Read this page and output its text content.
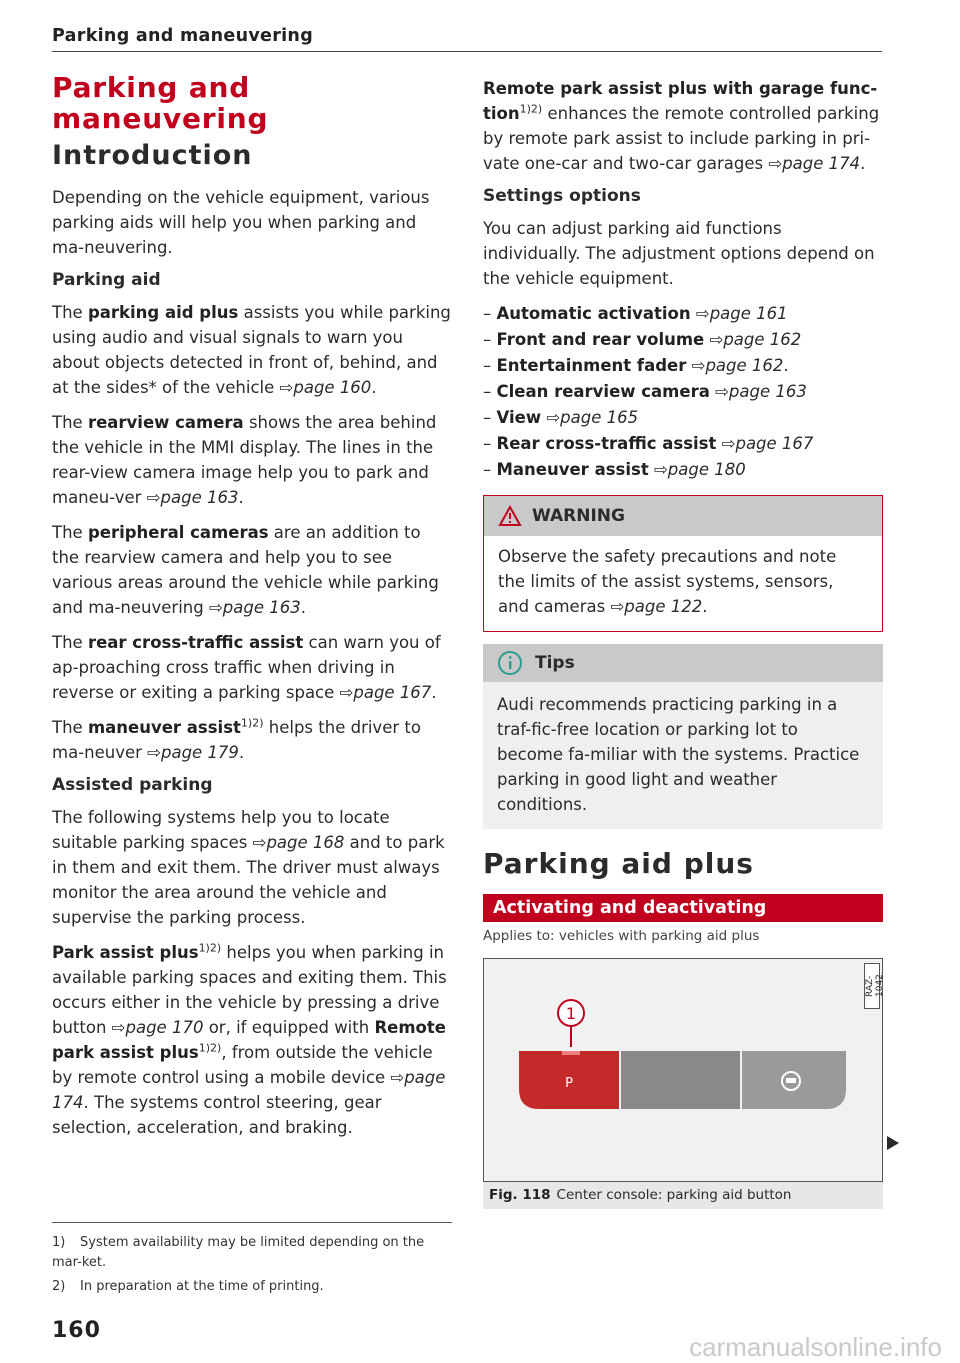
Parking and maneuvering
Parking and maneuvering
Introduction

Depending on the vehicle equipment, various parking aids will help you when parking and ma-neuvering.

Parking aid

The parking aid plus assists you while parking using audio and visual signals to warn you about objects detected in front of, behind, and at the sides* of the vehicle ⇨page 160.

The rearview camera shows the area behind the vehicle in the MMI display. The lines in the rear-view camera image help you to park and maneu-ver ⇨page 163.

The peripheral cameras are an addition to the rearview camera and help you to see various areas around the vehicle while parking and ma-neuvering ⇨page 163.

The rear cross-traffic assist can warn you of ap-proaching cross traffic when driving in reverse or exiting a parking space ⇨page 167.

The maneuver assist$^{1)2)}$ helps the driver to ma-neuver ⇨page 179.

Assisted parking

The following systems help you to locate suitable parking spaces ⇨page 168 and to park in them and exit them. The driver must always monitor the area around the vehicle and supervise the parking process.

Park assist plus$^{1)2)}$ helps you when parking in available parking spaces and exiting them. This occurs either in the vehicle by pressing a drive button ⇨page 170 or, if equipped with Remote park assist plus$^{1)2)}$, from outside the vehicle by remote control using a mobile device ⇨page 174. The systems control steering, gear selection, acceleration, and braking.

Remote park assist plus with garage func-tion$^{1)2)}$ enhances the remote controlled parking by remote park assist to include parking in pri-vate one-car and two-car garages ⇨page 174.

Settings options

You can adjust parking aid functions individually. The adjustment options depend on the vehicle equipment.

– Automatic activation ⇨page 161
– Front and rear volume ⇨page 162
– Entertainment fader ⇨page 162.
– Clean rearview camera ⇨page 163
– View ⇨page 165
– Rear cross-traffic assist ⇨page 167
– Maneuver assist ⇨page 180
WARNING

Observe the safety precautions and note the limits of the assist systems, sensors, and cameras ⇨page 122.

Tips

Audi recommends practicing parking in a traf-fic-free location or parking lot to become fa-miliar with the systems. Practice parking in good light and weather conditions.

Parking aid plus
Activating and deactivating
Applies to: vehicles with parking aid plus
RAZ-1042
1
P
Fig. 118 Center console: parking aid button
1) System availability may be limited depending on the mar-ket.
2) In preparation at the time of printing.
160
carmanualsonline.info
